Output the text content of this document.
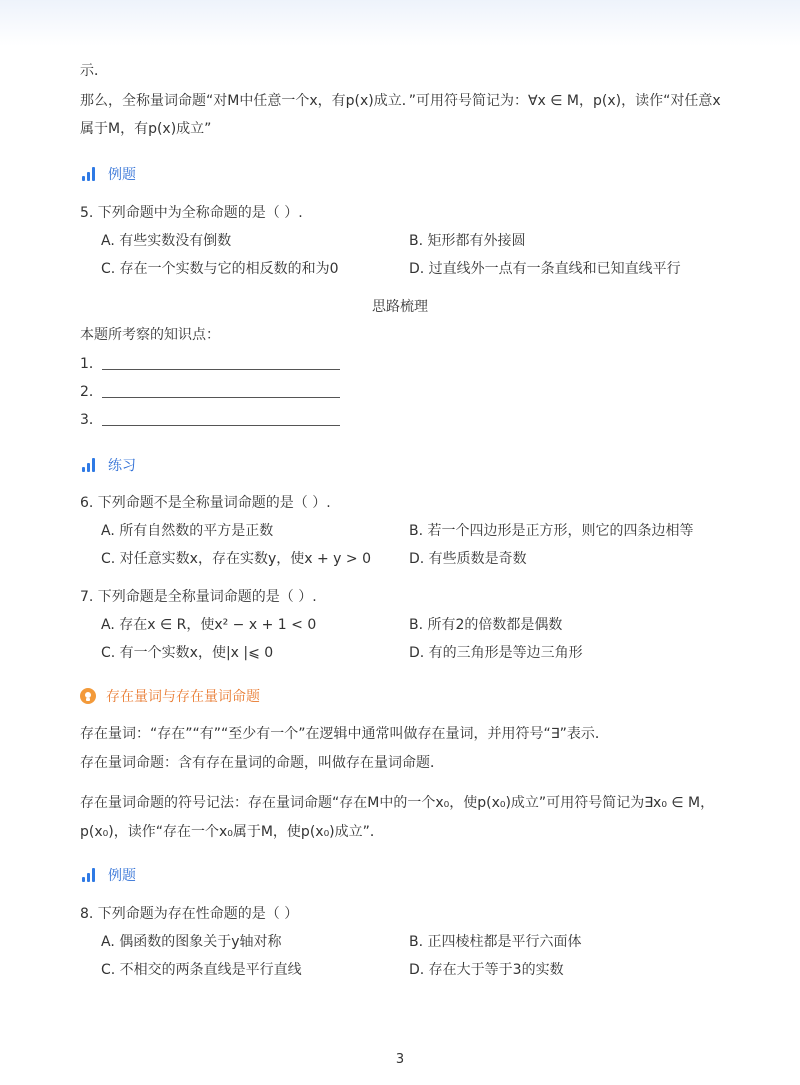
示．
那么，全称量词命题“对M中任意一个x，有p(x)成立．”可用符号简记为：∀x ∈ M，p(x)，读作“对任意x
属于M，有p(x)成立”
例题
5. 下列命题中为全称命题的是（ ）.
A. 有些实数没有倒数	B. 矩形都有外接圆
C. 存在一个实数与它的相反数的和为0	D. 过直线外一点有一条直线和已知直线平行
思路梳理
本题所考察的知识点：
1．
2．
3．
练习
6. 下列命题不是全称量词命题的是（ ）.
A. 所有自然数的平方是正数	B. 若一个四边形是正方形，则它的四条边相等
C. 对任意实数x，存在实数y，使x + y > 0	D. 有些质数是奇数
7. 下列命题是全称量词命题的是（ ）.
A. 存在x ∈ R，使x² − x + 1 < 0	B. 所有2的倍数都是偶数
C. 有一个实数x，使|x |⩽ 0	D. 有的三角形是等边三角形
存在量词与存在量词命题
存在量词：“存在”“有”“至少有一个”在逻辑中通常叫做存在量词，并用符号“∃”表示．
存在量词命题：含有存在量词的命题，叫做存在量词命题．
存在量词命题的符号记法：存在量词命题“存在M中的一个x₀，使p(x₀)成立”可用符号简记为∃x₀ ∈ M，
p(x₀)，读作“存在一个x₀属于M，使p(x₀)成立”．
例题
8. 下列命题为存在性命题的是（ ）
A. 偶函数的图象关于y轴对称	B. 正四棱柱都是平行六面体
C. 不相交的两条直线是平行直线	D. 存在大于等于3的实数
3
